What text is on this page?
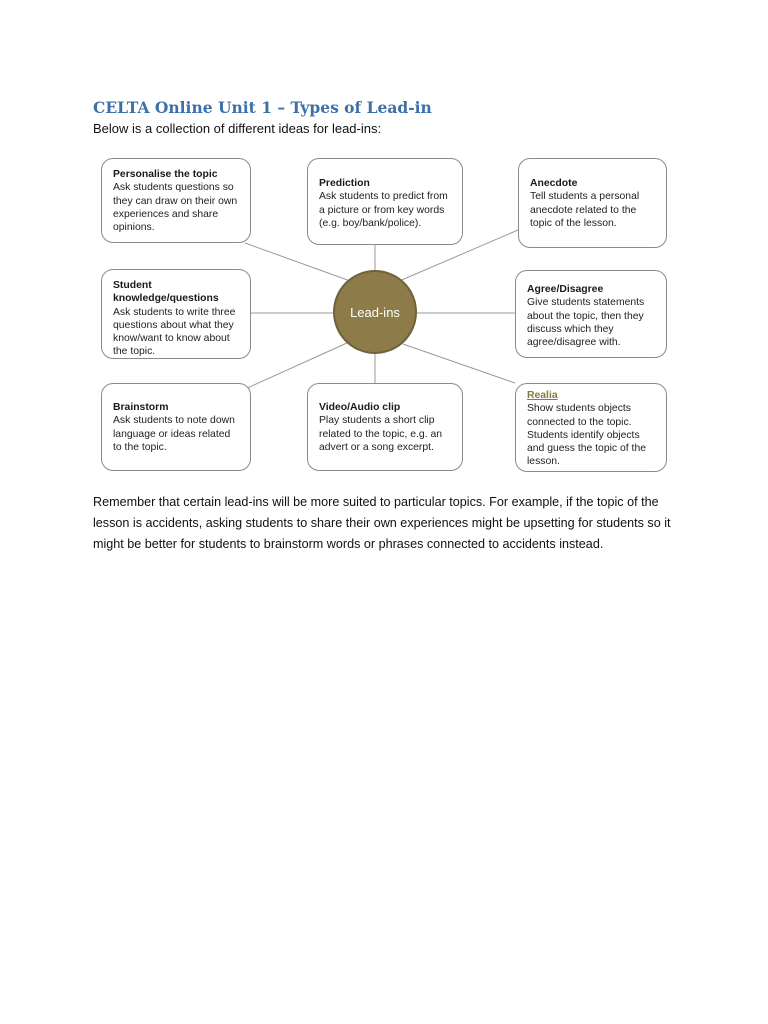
CELTA Online Unit 1 – Types of Lead-in
Below is a collection of different ideas for lead-ins:
Personalise the topic
Ask students questions so they can draw on their own experiences and share opinions.
Prediction
Ask students to predict from a picture or from key words (e.g. boy/bank/police).
Anecdote
Tell students a personal anecdote related to the topic of the lesson.
Student knowledge/questions
Ask students to write three questions about what they know/want to know about the topic.
Agree/Disagree
Give students statements about the topic, then they discuss which they agree/disagree with.
Brainstorm
Ask students to note down language or ideas related to the topic.
Video/Audio clip
Play students a short clip related to the topic, e.g. an advert or a song excerpt.
Realia
Show students objects connected to the topic. Students identify objects and guess the topic of the lesson.
Lead-ins
Remember that certain lead-ins will be more suited to particular topics. For example, if the topic of the lesson is accidents, asking students to share their own experiences might be upsetting for students so it might be better for students to brainstorm words or phrases connected to accidents instead.
